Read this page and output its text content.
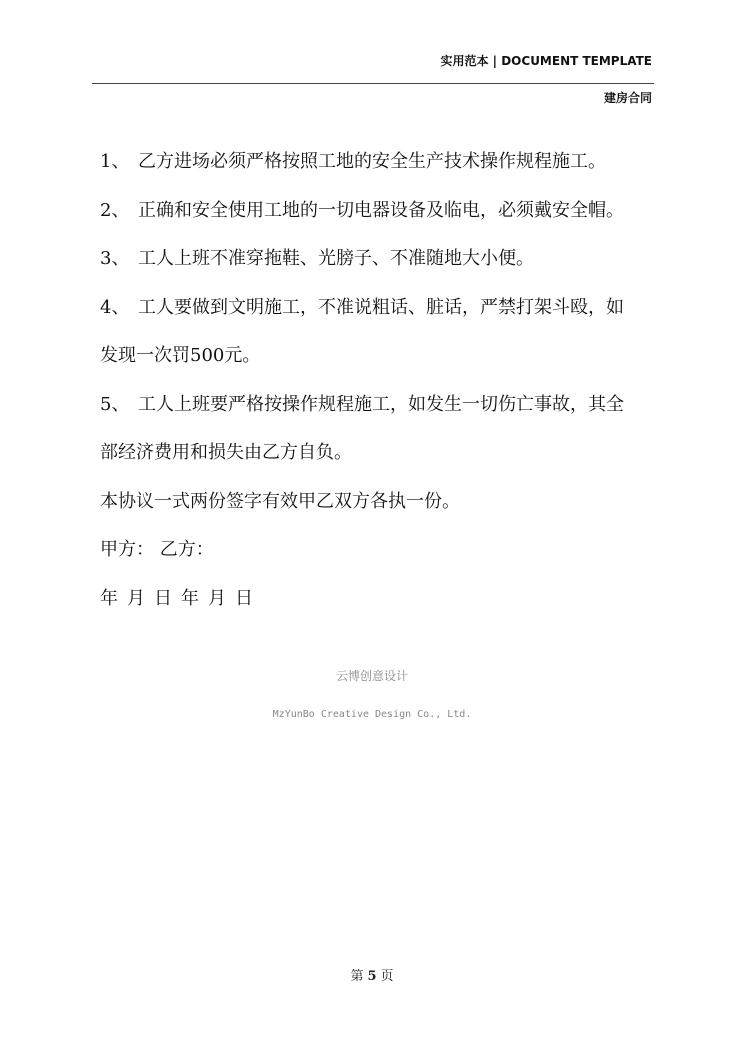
实用范本 | DOCUMENT TEMPLATE
建房合同

1、 乙方进场必须严格按照工地的安全生产技术操作规程施工。

2、 正确和安全使用工地的一切电器设备及临电，必须戴安全帽。

3、 工人上班不准穿拖鞋、光膀子、不准随地大小便。

4、 工人要做到文明施工，不准说粗话、脏话，严禁打架斗殴，如

发现一次罚500元。

5、 工人上班要严格按操作规程施工，如发生一切伤亡事故，其全

部经济费用和损失由乙方自负。

本协议一式两份签字有效甲乙双方各执一份。

甲方： 乙方：

年月日年月日

云博创意设计
MzYunBo Creative Design Co., Ltd.
第 5 页
